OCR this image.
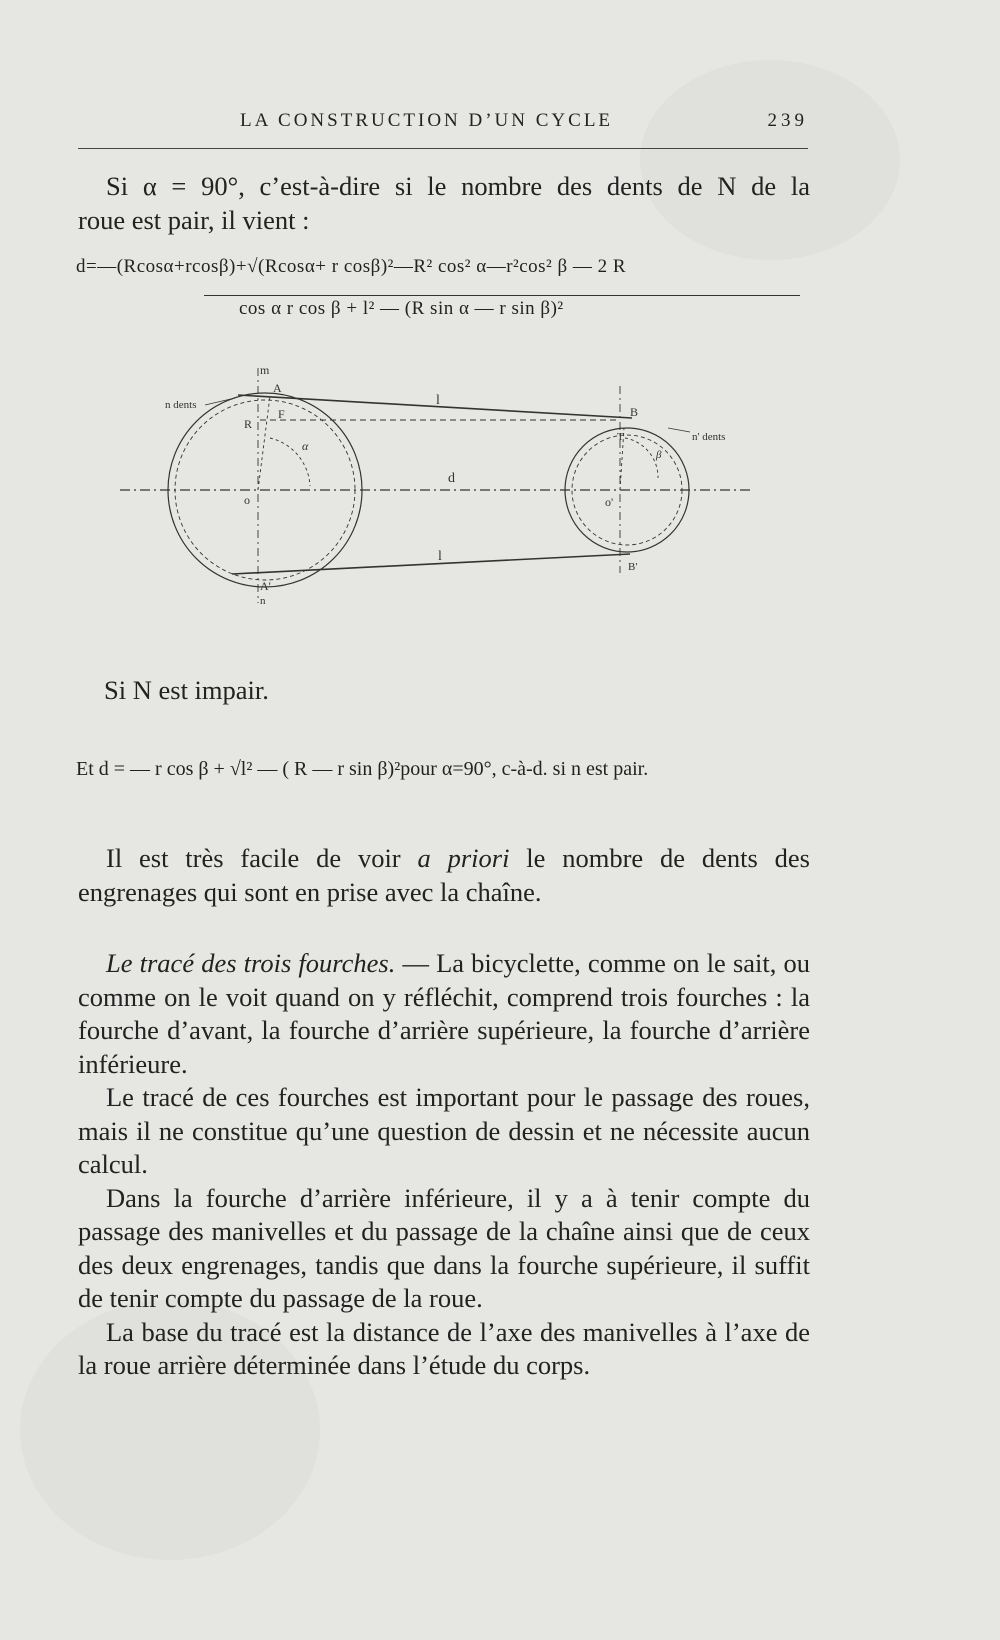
LA CONSTRUCTION D’UN CYCLE	239

Si α = 90°, c’est-à-dire si le nombre des dents de N de la

roue est pair, il vient :

d=—(Rcosα+rcosβ)+√(Rcosα+ r cosβ)²—R² cos² α—r²cos² β — 2 R
cos α r cos β + l² — (R sin α — r sin β)²
m
A
n dents
R
F
α
l
d
B
n' dents
T
β
o	o'
l
B'
A'
n
Si N est impair.
Et d = — r cos β + √l² — ( R — r sin β)²pour α=90°, c-à-d. si n est pair.

Il est très facile de voir a priori le nombre de dents des engrenages qui sont en prise avec la chaîne.

Le tracé des trois fourches. — La bicyclette, comme on le sait, ou comme on le voit quand on y réfléchit, comprend trois fourches : la fourche d’avant, la fourche d’arrière supérieure, la fourche d’arrière inférieure.

Le tracé de ces fourches est important pour le passage des roues, mais il ne constitue qu’une question de dessin et ne nécessite aucun calcul.

Dans la fourche d’arrière inférieure, il y a à tenir compte du passage des manivelles et du passage de la chaîne ainsi que de ceux des deux engrenages, tandis que dans la fourche supérieure, il suffit de tenir compte du passage de la roue.

La base du tracé est la distance de l’axe des manivelles à l’axe de la roue arrière déterminée dans l’étude du corps.
